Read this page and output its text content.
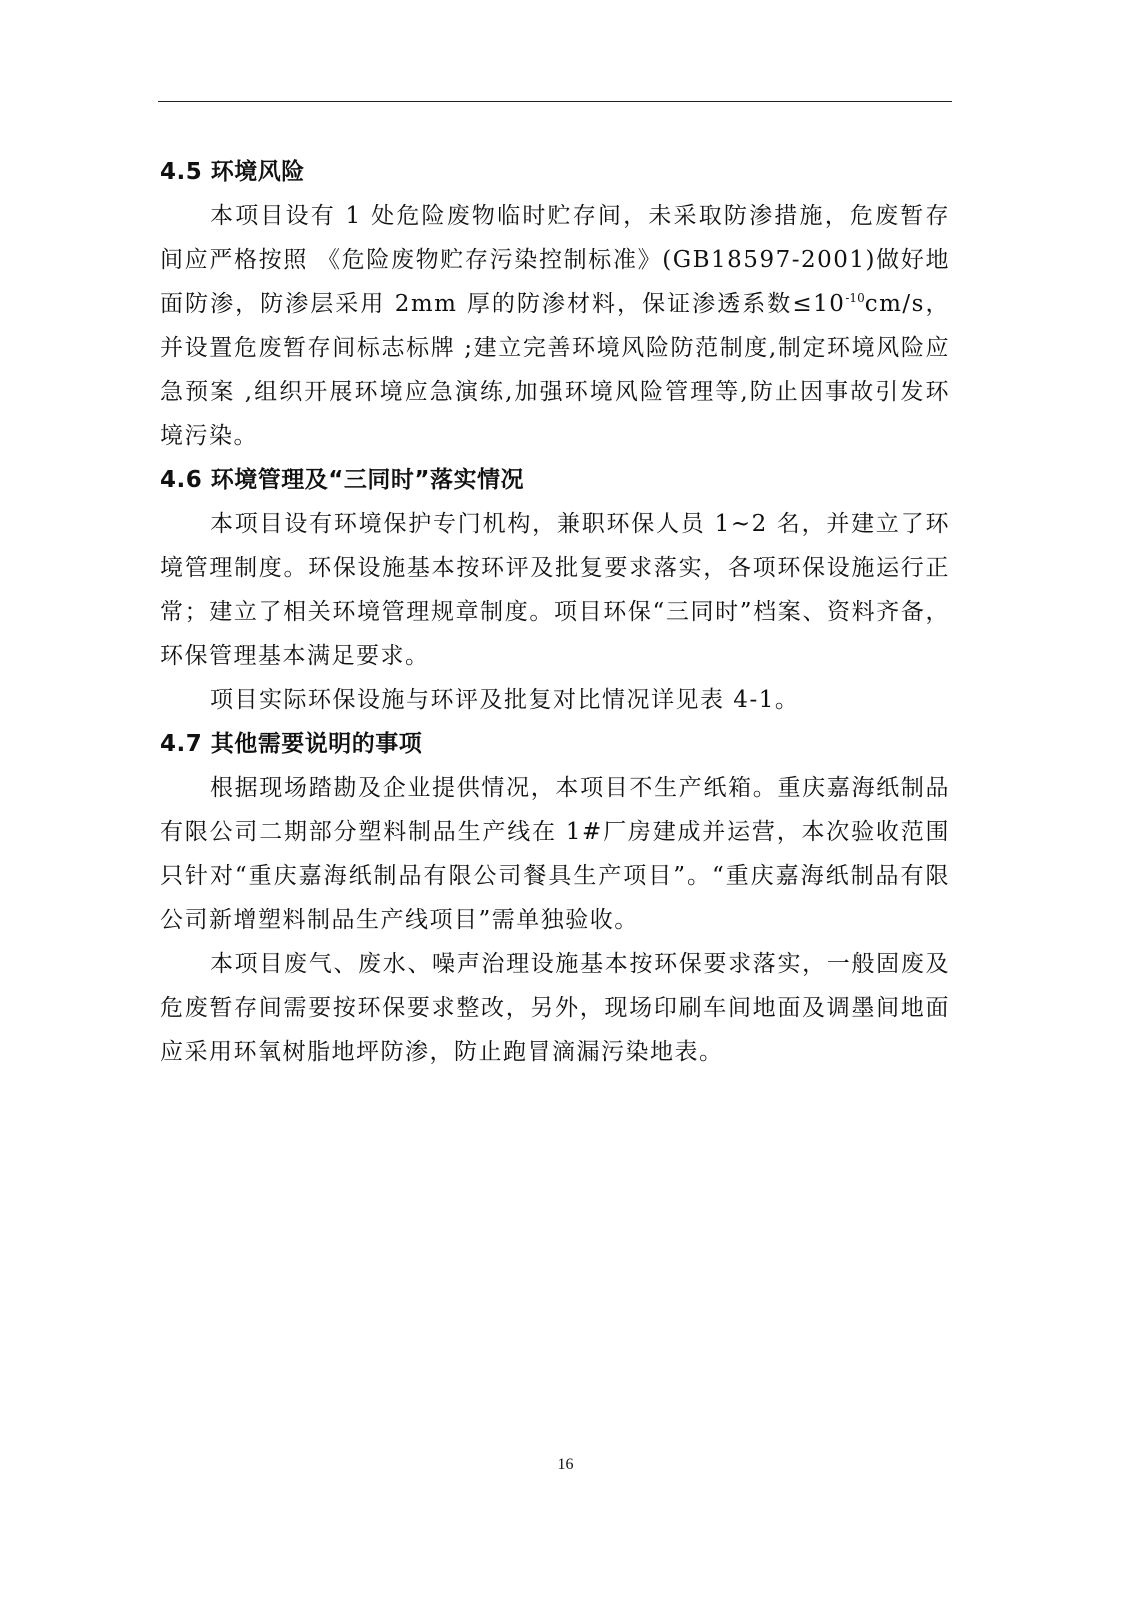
4.5 环境风险

本项目设有 1 处危险废物临时贮存间，未采取防渗措施，危废暂存间应严格按照 《危险废物贮存污染控制标准》(GB18597-2001)做好地面防渗，防渗层采用 2mm 厚的防渗材料，保证渗透系数$\le 10^{-10}cm/s$，并设置危废暂存间标志标牌 ;建立完善环境风险防范制度,制定环境风险应急预案 ,组织开展环境应急演练,加强环境风险管理等,防止因事故引发环境污染。

4.6 环境管理及“三同时”落实情况

本项目设有环境保护专门机构，兼职环保人员 1~2 名，并建立了环境管理制度。环保设施基本按环评及批复要求落实，各项环保设施运行正常；建立了相关环境管理规章制度。项目环保“三同时”档案、资料齐备，环保管理基本满足要求。

项目实际环保设施与环评及批复对比情况详见表 4-1。

4.7 其他需要说明的事项

根据现场踏勘及企业提供情况，本项目不生产纸箱。重庆嘉海纸制品有限公司二期部分塑料制品生产线在 1#厂房建成并运营，本次验收范围只针对“重庆嘉海纸制品有限公司餐具生产项目”。“重庆嘉海纸制品有限公司新增塑料制品生产线项目”需单独验收。

本项目废气、废水、噪声治理设施基本按环保要求落实，一般固废及危废暂存间需要按环保要求整改，另外，现场印刷车间地面及调墨间地面应采用环氧树脂地坪防渗，防止跑冒滴漏污染地表。

16
